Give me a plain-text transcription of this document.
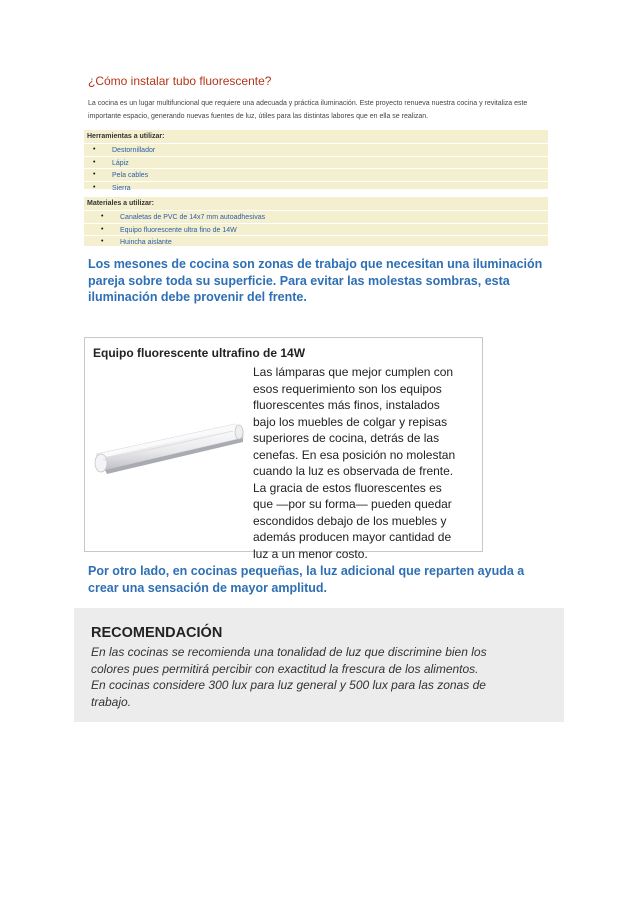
¿Cómo instalar tubo fluorescente?
La cocina es un lugar multifuncional que requiere una adecuada y práctica iluminación. Este proyecto renueva nuestra cocina y revitaliza este importante espacio, generando nuevas fuentes de luz, útiles para las distintas labores que en ella se realizan.
Herramientas a utilizar:
• Destornillador
• Lápiz
• Pela cables
• Sierra
Materiales a utilizar:
• Canaletas de PVC de 14x7 mm autoadhesivas
• Equipo fluorescente ultra fino de 14W
• Huincha aislante
Los mesones de cocina son zonas de trabajo que necesitan una iluminación pareja sobre toda su superficie. Para evitar las molestas sombras, esta iluminación debe provenir del frente.
Equipo fluorescente ultrafino de 14W
Las lámparas que mejor cumplen con
esos requerimiento son los equipos
fluorescentes más finos, instalados
bajo los muebles de colgar y repisas
superiores de cocina, detrás de las
cenefas. En esa posición no molestan
cuando la luz es observada de frente.
La gracia de estos fluorescentes es
que —por su forma— pueden quedar
escondidos debajo de los muebles y
además producen mayor cantidad de
luz a un menor costo.
Por otro lado, en cocinas pequeñas, la luz adicional que reparten ayuda a crear una sensación de mayor amplitud.
RECOMENDACIÓN
En las cocinas se recomienda una tonalidad de luz que discrimine bien los
colores pues permitirá percibir con exactitud la frescura de los alimentos.
En cocinas considere 300 lux para luz general y 500 lux para las zonas de
trabajo.
